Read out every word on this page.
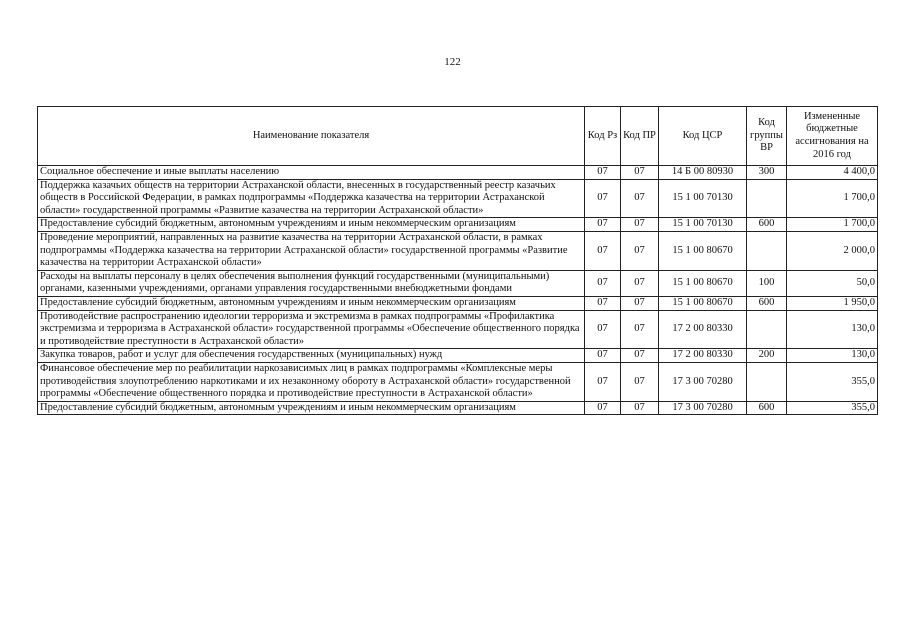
122
Наименование показателя	Код Рз	Код ПР	Код ЦСР	Код группы ВР	Измененные бюджетные ассигнования на 2016 год
Социальное обеспечение и иные выплаты населению	07	07	14 Б 00 80930	300	4 400,0
Поддержка казачьих обществ на территории Астраханской области, внесенных в государственный реестр казачьих обществ в Российской Федерации, в рамках подпрограммы «Поддержка казачества на территории Астраханской области» государственной программы «Развитие казачества на территории Астраханской области»	07	07	15 1 00 70130		1 700,0
Предоставление субсидий бюджетным, автономным учреждениям и иным некоммерческим организациям	07	07	15 1 00 70130	600	1 700,0
Проведение мероприятий, направленных на развитие казачества на территории Астраханской области, в рамках подпрограммы «Поддержка казачества на территории Астраханской области» государственной программы «Развитие казачества на территории Астраханской области»	07	07	15 1 00 80670		2 000,0
Расходы на выплаты персоналу в целях обеспечения выполнения функций государственными (муниципальными) органами, казенными учреждениями, органами управления государственными внебюджетными фондами	07	07	15 1 00 80670	100	50,0
Предоставление субсидий бюджетным, автономным учреждениям и иным некоммерческим организациям	07	07	15 1 00 80670	600	1 950,0
Противодействие распространению идеологии терроризма и экстремизма в рамках подпрограммы «Профилактика экстремизма и терроризма в Астраханской области» государственной программы «Обеспечение общественного порядка и противодействие преступности в Астраханской области»	07	07	17 2 00 80330		130,0
Закупка товаров, работ и услуг для обеспечения государственных (муниципальных) нужд	07	07	17 2 00 80330	200	130,0
Финансовое обеспечение мер по реабилитации наркозависимых лиц в рамках подпрограммы «Комплексные меры противодействия злоупотреблению наркотиками и их незаконному обороту в Астраханской области» государственной программы «Обеспечение общественного порядка и противодействие преступности в Астраханской области»	07	07	17 3 00 70280		355,0
Предоставление субсидий бюджетным, автономным учреждениям и иным некоммерческим организациям	07	07	17 3 00 70280	600	355,0
